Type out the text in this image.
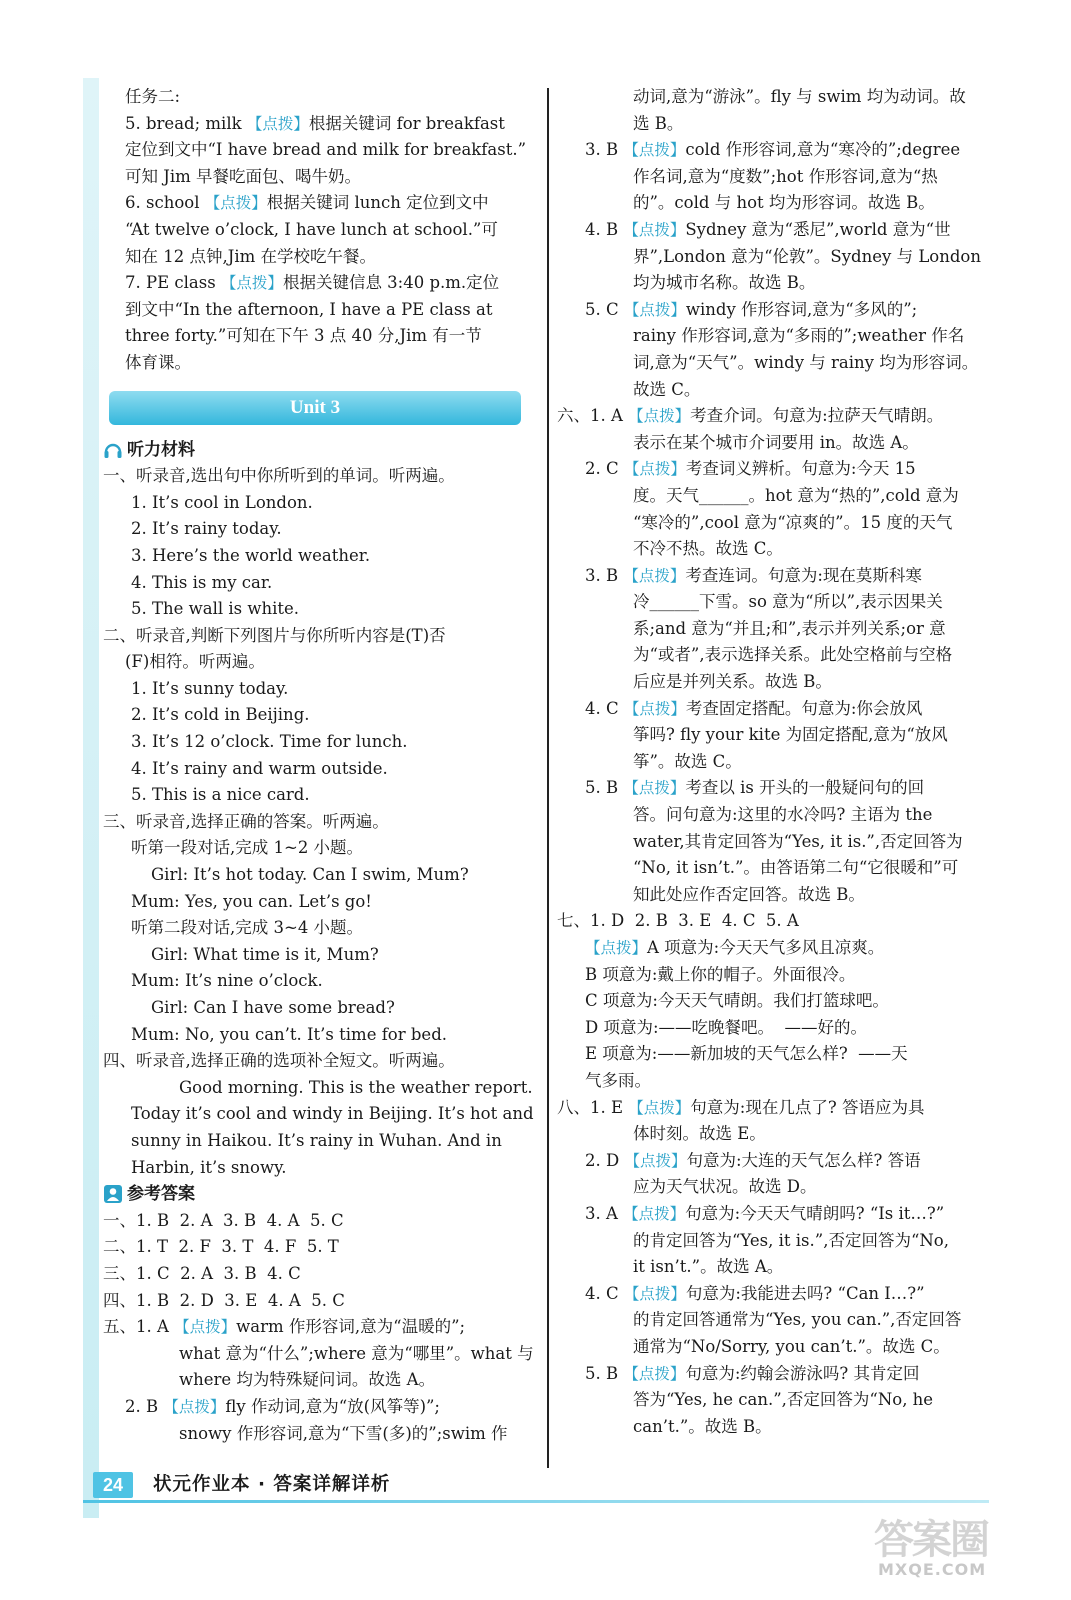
任务二:
5. bread; milk 【点拨】根据关键词 for breakfast
定位到文中“I have bread and milk for breakfast.”
可知 Jim 早餐吃面包、喝牛奶。
6. school 【点拨】根据关键词 lunch 定位到文中
“At twelve o’clock, I have lunch at school.”可
知在 12 点钟,Jim 在学校吃午餐。
7. PE class 【点拨】根据关键信息 3:40 p.m.定位
到文中“In the afternoon, I have a PE class at
three forty.”可知在下午 3 点 40 分,Jim 有一节
体育课。
Unit 3
听力材料
一、听录音,选出句中你所听到的单词。听两遍。
1. It’s cool in London.
2. It’s rainy today.
3. Here’s the world weather.
4. This is my car.
5. The wall is white.
二、听录音,判断下列图片与你所听内容是(T)否
(F)相符。听两遍。
1. It’s sunny today.
2. It’s cold in Beijing.
3. It’s 12 o’clock. Time for lunch.
4. It’s rainy and warm outside.
5. This is a nice card.
三、听录音,选择正确的答案。听两遍。
听第一段对话,完成 1~2 小题。
Girl: It’s hot today. Can I swim, Mum?
Mum: Yes, you can. Let’s go!
听第二段对话,完成 3~4 小题。
Girl: What time is it, Mum?
Mum: It’s nine o’clock.
Girl: Can I have some bread?
Mum: No, you can’t. It’s time for bed.
四、听录音,选择正确的选项补全短文。听两遍。
Good morning. This is the weather report.
Today it’s cool and windy in Beijing. It’s hot and
sunny in Haikou. It’s rainy in Wuhan. And in
Harbin, it’s snowy.
参考答案
一、1. B  2. A  3. B  4. A  5. C
二、1. T  2. F  3. T  4. F  5. T
三、1. C  2. A  3. B  4. C
四、1. B  2. D  3. E  4. A  5. C
五、1. A 【点拨】warm 作形容词,意为“温暖的”;
what 意为“什么”;where 意为“哪里”。what 与
where 均为特殊疑问词。故选 A。
2. B 【点拨】fly 作动词,意为“放(风筝等)”;
snowy 作形容词,意为“下雪(多)的”;swim 作
动词,意为“游泳”。fly 与 swim 均为动词。故
选 B。
3. B 【点拨】cold 作形容词,意为“寒冷的”;degree
作名词,意为“度数”;hot 作形容词,意为“热
的”。cold 与 hot 均为形容词。故选 B。
4. B 【点拨】Sydney 意为“悉尼”,world 意为“世
界”,London 意为“伦敦”。Sydney 与 London
均为城市名称。故选 B。
5. C 【点拨】windy 作形容词,意为“多风的”;
rainy 作形容词,意为“多雨的”;weather 作名
词,意为“天气”。windy 与 rainy 均为形容词。
故选 C。
六、1. A 【点拨】考查介词。句意为:拉萨天气晴朗。
表示在某个城市介词要用 in。故选 A。
2. C 【点拨】考查词义辨析。句意为:今天 15
度。天气______。hot 意为“热的”,cold 意为
“寒冷的”,cool 意为“凉爽的”。15 度的天气
不冷不热。故选 C。
3. B 【点拨】考查连词。句意为:现在莫斯科寒
冷______下雪。so 意为“所以”,表示因果关
系;and 意为“并且;和”,表示并列关系;or 意
为“或者”,表示选择关系。此处空格前与空格
后应是并列关系。故选 B。
4. C 【点拨】考查固定搭配。句意为:你会放风
筝吗? fly your kite 为固定搭配,意为“放风
筝”。故选 C。
5. B 【点拨】考查以 is 开头的一般疑问句的回
答。问句意为:这里的水冷吗? 主语为 the
water,其肯定回答为“Yes, it is.”,否定回答为
“No, it isn’t.”。由答语第二句“它很暖和”可
知此处应作否定回答。故选 B。
七、1. D  2. B  3. E  4. C  5. A
【点拨】A 项意为:今天天气多风且凉爽。
B 项意为:戴上你的帽子。外面很冷。
C 项意为:今天天气晴朗。我们打篮球吧。
D 项意为:——吃晚餐吧。  ——好的。
E 项意为:——新加坡的天气怎么样?  ——天
气多雨。
八、1. E 【点拨】句意为:现在几点了? 答语应为具
体时刻。故选 E。
2. D 【点拨】句意为:大连的天气怎么样? 答语
应为天气状况。故选 D。
3. A 【点拨】句意为:今天天气晴朗吗? “Is it…?”
的肯定回答为“Yes, it is.”,否定回答为“No,
it isn’t.”。故选 A。
4. C 【点拨】句意为:我能进去吗? “Can I…?”
的肯定回答通常为“Yes, you can.”,否定回答
通常为“No/Sorry, you can’t.”。故选 C。
5. B 【点拨】句意为:约翰会游泳吗? 其肯定回
答为“Yes, he can.”,否定回答为“No, he
can’t.”。故选 B。
24	状元作业本 · 答案详解详析
答案圈
MXQE.COM
